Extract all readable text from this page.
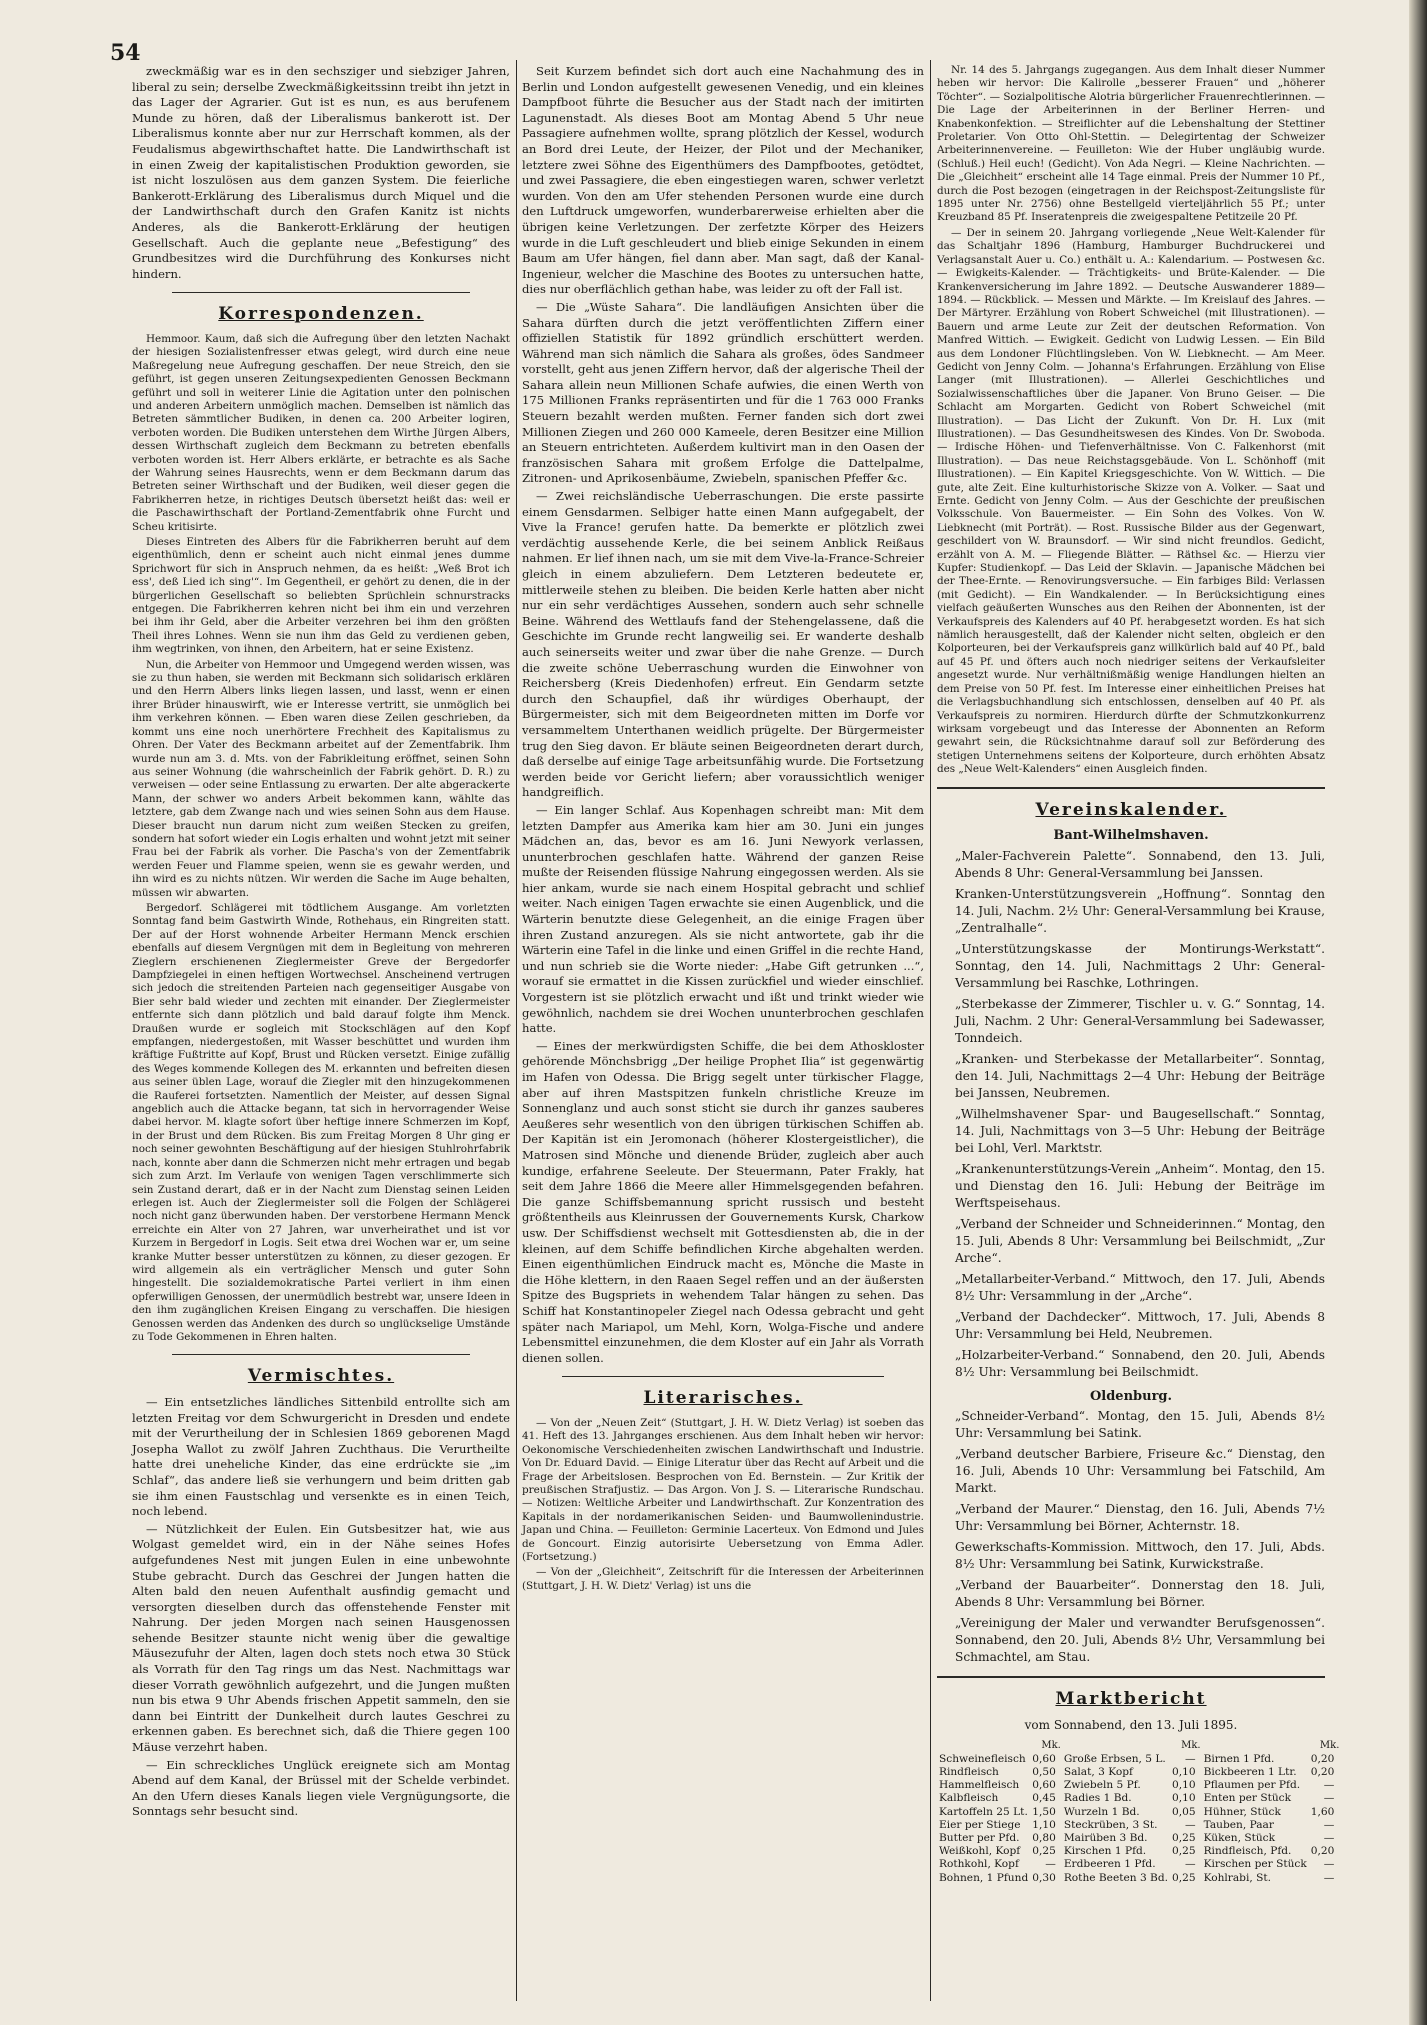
54

zweckmäßig war es in den sechsziger und siebziger Jahren, liberal zu sein; derselbe Zweckmäßigkeitssinn treibt ihn jetzt in das Lager der Agrarier. Gut ist es nun, es aus berufenem Munde zu hören, daß der Liberalismus bankerott ist. Der Liberalismus konnte aber nur zur Herrschaft kommen, als der Feudalismus abgewirthschaftet hatte. Die Landwirthschaft ist in einen Zweig der kapitalistischen Produktion geworden, sie ist nicht loszulösen aus dem ganzen System. Die feierliche Bankerott-Erklärung des Liberalismus durch Miquel und die der Landwirthschaft durch den Grafen Kanitz ist nichts Anderes, als die Bankerott-Erklärung der heutigen Gesellschaft. Auch die geplante neue „Befestigung“ des Grundbesitzes wird die Durchführung des Konkurses nicht hindern.

Korrespondenzen.

Hemmoor. Kaum, daß sich die Aufregung über den letzten Nachakt der hiesigen Sozialistenfresser etwas gelegt, wird durch eine neue Maßregelung neue Aufregung geschaffen. Der neue Streich, den sie geführt, ist gegen unseren Zeitungsexpedienten Genossen Beckmann geführt und soll in weiterer Linie die Agitation unter den polnischen und anderen Arbeitern unmöglich machen. Demselben ist nämlich das Betreten sämmtlicher Budiken, in denen ca. 200 Arbeiter logiren, verboten worden. Die Budiken unterstehen dem Wirthe Jürgen Albers, dessen Wirthschaft zugleich dem Beckmann zu betreten ebenfalls verboten worden ist. Herr Albers erklärte, er betrachte es als Sache der Wahrung seines Hausrechts, wenn er dem Beckmann darum das Betreten seiner Wirthschaft und der Budiken, weil dieser gegen die Fabrikherren hetze, in richtiges Deutsch übersetzt heißt das: weil er die Paschawirthschaft der Portland-Zementfabrik ohne Furcht und Scheu kritisirte.

Dieses Eintreten des Albers für die Fabrikherren beruht auf dem eigenthümlich, denn er scheint auch nicht einmal jenes dumme Sprichwort für sich in Anspruch nehmen, da es heißt: „Weß Brot ich ess', deß Lied ich sing'“. Im Gegentheil, er gehört zu denen, die in der bürgerlichen Gesellschaft so beliebten Sprüchlein schnurstracks entgegen. Die Fabrikherren kehren nicht bei ihm ein und verzehren bei ihm ihr Geld, aber die Arbeiter verzehren bei ihm den größten Theil ihres Lohnes. Wenn sie nun ihm das Geld zu verdienen geben, ihm wegtrinken, von ihnen, den Arbeitern, hat er seine Existenz.

Nun, die Arbeiter von Hemmoor und Umgegend werden wissen, was sie zu thun haben, sie werden mit Beckmann sich solidarisch erklären und den Herrn Albers links liegen lassen, und lasst, wenn er einen ihrer Brüder hinauswirft, wie er Interesse vertritt, sie unmöglich bei ihm verkehren können. — Eben waren diese Zeilen geschrieben, da kommt uns eine noch unerhörtere Frechheit des Kapitalismus zu Ohren. Der Vater des Beckmann arbeitet auf der Zementfabrik. Ihm wurde nun am 3. d. Mts. von der Fabrikleitung eröffnet, seinen Sohn aus seiner Wohnung (die wahrscheinlich der Fabrik gehört. D. R.) zu verweisen — oder seine Entlassung zu erwarten. Der alte abgerackerte Mann, der schwer wo anders Arbeit bekommen kann, wählte das letztere, gab dem Zwange nach und wies seinen Sohn aus dem Hause. Dieser braucht nun darum nicht zum weißen Stecken zu greifen, sondern hat sofort wieder ein Logis erhalten und wohnt jetzt mit seiner Frau bei der Fabrik als vorher. Die Pascha's von der Zementfabrik werden Feuer und Flamme speien, wenn sie es gewahr werden, und ihn wird es zu nichts nützen. Wir werden die Sache im Auge behalten, müssen wir abwarten.

Bergedorf. Schlägerei mit tödtlichem Ausgange. Am vorletzten Sonntag fand beim Gastwirth Winde, Rothehaus, ein Ringreiten statt. Der auf der Horst wohnende Arbeiter Hermann Menck erschien ebenfalls auf diesem Vergnügen mit dem in Begleitung von mehreren Zieglern erschienenen Zieglermeister Greve der Bergedorfer Dampfziegelei in einen heftigen Wortwechsel. Anscheinend vertrugen sich jedoch die streitenden Parteien nach gegenseitiger Ausgabe von Bier sehr bald wieder und zechten mit einander. Der Zieglermeister entfernte sich dann plötzlich und bald darauf folgte ihm Menck. Draußen wurde er sogleich mit Stockschlägen auf den Kopf empfangen, niedergestoßen, mit Wasser beschüttet und wurden ihm kräftige Fußtritte auf Kopf, Brust und Rücken versetzt. Einige zufällig des Weges kommende Kollegen des M. erkannten und befreiten diesen aus seiner üblen Lage, worauf die Ziegler mit den hinzugekommenen die Rauferei fortsetzten. Namentlich der Meister, auf dessen Signal angeblich auch die Attacke begann, tat sich in hervorragender Weise dabei hervor. M. klagte sofort über heftige innere Schmerzen im Kopf, in der Brust und dem Rücken. Bis zum Freitag Morgen 8 Uhr ging er noch seiner gewohnten Beschäftigung auf der hiesigen Stuhlrohrfabrik nach, konnte aber dann die Schmerzen nicht mehr ertragen und begab sich zum Arzt. Im Verlaufe von wenigen Tagen verschlimmerte sich sein Zustand derart, daß er in der Nacht zum Dienstag seinen Leiden erlegen ist. Auch der Zieglermeister soll die Folgen der Schlägerei noch nicht ganz überwunden haben. Der verstorbene Hermann Menck erreichte ein Alter von 27 Jahren, war unverheirathet und ist vor Kurzem in Bergedorf in Logis. Seit etwa drei Wochen war er, um seine kranke Mutter besser unterstützen zu können, zu dieser gezogen. Er wird allgemein als ein verträglicher Mensch und guter Sohn hingestellt. Die sozialdemokratische Partei verliert in ihm einen opferwilligen Genossen, der unermüdlich bestrebt war, unsere Ideen in den ihm zugänglichen Kreisen Eingang zu verschaffen. Die hiesigen Genossen werden das Andenken des durch so unglückselige Umstände zu Tode Gekommenen in Ehren halten.

Vermischtes.

— Ein entsetzliches ländliches Sittenbild entrollte sich am letzten Freitag vor dem Schwurgericht in Dresden und endete mit der Verurtheilung der in Schlesien 1869 geborenen Magd Josepha Wallot zu zwölf Jahren Zuchthaus. Die Verurtheilte hatte drei uneheliche Kinder, das eine erdrückte sie „im Schlaf“, das andere ließ sie verhungern und beim dritten gab sie ihm einen Faustschlag und versenkte es in einen Teich, noch lebend.

— Nützlichkeit der Eulen. Ein Gutsbesitzer hat, wie aus Wolgast gemeldet wird, ein in der Nähe seines Hofes aufgefundenes Nest mit jungen Eulen in eine unbewohnte Stube gebracht. Durch das Geschrei der Jungen hatten die Alten bald den neuen Aufenthalt ausfindig gemacht und versorgten dieselben durch das offenstehende Fenster mit Nahrung. Der jeden Morgen nach seinen Hausgenossen sehende Besitzer staunte nicht wenig über die gewaltige Mäusezufuhr der Alten, lagen doch stets noch etwa 30 Stück als Vorrath für den Tag rings um das Nest. Nachmittags war dieser Vorrath gewöhnlich aufgezehrt, und die Jungen mußten nun bis etwa 9 Uhr Abends frischen Appetit sammeln, den sie dann bei Eintritt der Dunkelheit durch lautes Geschrei zu erkennen gaben. Es berechnet sich, daß die Thiere gegen 100 Mäuse verzehrt haben.

— Ein schreckliches Unglück ereignete sich am Montag Abend auf dem Kanal, der Brüssel mit der Schelde verbindet. An den Ufern dieses Kanals liegen viele Vergnügungsorte, die Sonntags sehr besucht sind.

Seit Kurzem befindet sich dort auch eine Nachahmung des in Berlin und London aufgestellt gewesenen Venedig, und ein kleines Dampfboot führte die Besucher aus der Stadt nach der imitirten Lagunenstadt. Als dieses Boot am Montag Abend 5 Uhr neue Passagiere aufnehmen wollte, sprang plötzlich der Kessel, wodurch an Bord drei Leute, der Heizer, der Pilot und der Mechaniker, letztere zwei Söhne des Eigenthümers des Dampfbootes, getödtet, und zwei Passagiere, die eben eingestiegen waren, schwer verletzt wurden. Von den am Ufer stehenden Personen wurde eine durch den Luftdruck umgeworfen, wunderbarerweise erhielten aber die übrigen keine Verletzungen. Der zerfetzte Körper des Heizers wurde in die Luft geschleudert und blieb einige Sekunden in einem Baum am Ufer hängen, fiel dann aber. Man sagt, daß der Kanal-Ingenieur, welcher die Maschine des Bootes zu untersuchen hatte, dies nur oberflächlich gethan habe, was leider zu oft der Fall ist.

— Die „Wüste Sahara“. Die landläufigen Ansichten über die Sahara dürften durch die jetzt veröffentlichten Ziffern einer offiziellen Statistik für 1892 gründlich erschüttert werden. Während man sich nämlich die Sahara als großes, ödes Sandmeer vorstellt, geht aus jenen Ziffern hervor, daß der algerische Theil der Sahara allein neun Millionen Schafe aufwies, die einen Werth von 175 Millionen Franks repräsentirten und für die 1 763 000 Franks Steuern bezahlt werden mußten. Ferner fanden sich dort zwei Millionen Ziegen und 260 000 Kameele, deren Besitzer eine Million an Steuern entrichteten. Außerdem kultivirt man in den Oasen der französischen Sahara mit großem Erfolge die Dattelpalme, Zitronen- und Aprikosenbäume, Zwiebeln, spanischen Pfeffer &c.

— Zwei reichsländische Ueberraschungen. Die erste passirte einem Gensdarmen. Selbiger hatte einen Mann aufgegabelt, der Vive la France! gerufen hatte. Da bemerkte er plötzlich zwei verdächtig aussehende Kerle, die bei seinem Anblick Reißaus nahmen. Er lief ihnen nach, um sie mit dem Vive-la-France-Schreier gleich in einem abzuliefern. Dem Letzteren bedeutete er, mittlerweile stehen zu bleiben. Die beiden Kerle hatten aber nicht nur ein sehr verdächtiges Aussehen, sondern auch sehr schnelle Beine. Während des Wettlaufs fand der Stehengelassene, daß die Geschichte im Grunde recht langweilig sei. Er wanderte deshalb auch seinerseits weiter und zwar über die nahe Grenze. — Durch die zweite schöne Ueberraschung wurden die Einwohner von Reichersberg (Kreis Diedenhofen) erfreut. Ein Gendarm setzte durch den Schaupfiel, daß ihr würdiges Oberhaupt, der Bürgermeister, sich mit dem Beigeordneten mitten im Dorfe vor versammeltem Unterthanen weidlich prügelte. Der Bürgermeister trug den Sieg davon. Er bläute seinen Beigeordneten derart durch, daß derselbe auf einige Tage arbeitsunfähig wurde. Die Fortsetzung werden beide vor Gericht liefern; aber voraussichtlich weniger handgreiflich.

— Ein langer Schlaf. Aus Kopenhagen schreibt man: Mit dem letzten Dampfer aus Amerika kam hier am 30. Juni ein junges Mädchen an, das, bevor es am 16. Juni Newyork verlassen, ununterbrochen geschlafen hatte. Während der ganzen Reise mußte der Reisenden flüssige Nahrung eingegossen werden. Als sie hier ankam, wurde sie nach einem Hospital gebracht und schlief weiter. Nach einigen Tagen erwachte sie einen Augenblick, und die Wärterin benutzte diese Gelegenheit, an die einige Fragen über ihren Zustand anzuregen. Als sie nicht antwortete, gab ihr die Wärterin eine Tafel in die linke und einen Griffel in die rechte Hand, und nun schrieb sie die Worte nieder: „Habe Gift getrunken ...“, worauf sie ermattet in die Kissen zurückfiel und wieder einschlief. Vorgestern ist sie plötzlich erwacht und ißt und trinkt wieder wie gewöhnlich, nachdem sie drei Wochen ununterbrochen geschlafen hatte.

— Eines der merkwürdigsten Schiffe, die bei dem Athoskloster gehörende Mönchsbrigg „Der heilige Prophet Ilia“ ist gegenwärtig im Hafen von Odessa. Die Brigg segelt unter türkischer Flagge, aber auf ihren Mastspitzen funkeln christliche Kreuze im Sonnenglanz und auch sonst sticht sie durch ihr ganzes sauberes Aeußeres sehr wesentlich von den übrigen türkischen Schiffen ab. Der Kapitän ist ein Jeromonach (höherer Klostergeistlicher), die Matrosen sind Mönche und dienende Brüder, zugleich aber auch kundige, erfahrene Seeleute. Der Steuermann, Pater Frakly, hat seit dem Jahre 1866 die Meere aller Himmelsgegenden befahren. Die ganze Schiffsbemannung spricht russisch und besteht größtentheils aus Kleinrussen der Gouvernements Kursk, Charkow usw. Der Schiffsdienst wechselt mit Gottesdiensten ab, die in der kleinen, auf dem Schiffe befindlichen Kirche abgehalten werden. Einen eigenthümlichen Eindruck macht es, Mönche die Maste in die Höhe klettern, in den Raaen Segel reffen und an der äußersten Spitze des Bugspriets in wehendem Talar hängen zu sehen. Das Schiff hat Konstantinopeler Ziegel nach Odessa gebracht und geht später nach Mariapol, um Mehl, Korn, Wolga-Fische und andere Lebensmittel einzunehmen, die dem Kloster auf ein Jahr als Vorrath dienen sollen.

Literarisches.

— Von der „Neuen Zeit“ (Stuttgart, J. H. W. Dietz Verlag) ist soeben das 41. Heft des 13. Jahrganges erschienen. Aus dem Inhalt heben wir hervor: Oekonomische Verschiedenheiten zwischen Landwirthschaft und Industrie. Von Dr. Eduard David. — Einige Literatur über das Recht auf Arbeit und die Frage der Arbeitslosen. Besprochen von Ed. Bernstein. — Zur Kritik der preußischen Strafjustiz. — Das Argon. Von J. S. — Literarische Rundschau. — Notizen: Weltliche Arbeiter und Landwirthschaft. Zur Konzentration des Kapitals in der nordamerikanischen Seiden- und Baumwollenindustrie. Japan und China. — Feuilleton: Germinie Lacerteux. Von Edmond und Jules de Goncourt. Einzig autorisirte Uebersetzung von Emma Adler. (Fortsetzung.)

— Von der „Gleichheit“, Zeitschrift für die Interessen der Arbeiterinnen (Stuttgart, J. H. W. Dietz' Verlag) ist uns die

Nr. 14 des 5. Jahrgangs zugegangen. Aus dem Inhalt dieser Nummer heben wir hervor: Die Kalirolle „besserer Frauen“ und „höherer Töchter“. — Sozialpolitische Alotria bürgerlicher Frauenrechtlerinnen. — Die Lage der Arbeiterinnen in der Berliner Herren- und Knabenkonfektion. — Streiflichter auf die Lebenshaltung der Stettiner Proletarier. Von Otto Ohl-Stettin. — Delegirtentag der Schweizer Arbeiterinnenvereine. — Feuilleton: Wie der Huber ungläubig wurde. (Schluß.) Heil euch! (Gedicht). Von Ada Negri. — Kleine Nachrichten. — Die „Gleichheit“ erscheint alle 14 Tage einmal. Preis der Nummer 10 Pf., durch die Post bezogen (eingetragen in der Reichspost-Zeitungsliste für 1895 unter Nr. 2756) ohne Bestellgeld vierteljährlich 55 Pf.; unter Kreuzband 85 Pf. Inseratenpreis die zweigespaltene Petitzeile 20 Pf.

— Der in seinem 20. Jahrgang vorliegende „Neue Welt-Kalender für das Schaltjahr 1896 (Hamburg, Hamburger Buchdruckerei und Verlagsanstalt Auer u. Co.) enthält u. A.: Kalendarium. — Postwesen &c. — Ewigkeits-Kalender. — Trächtigkeits- und Brüte-Kalender. — Die Krankenversicherung im Jahre 1892. — Deutsche Auswanderer 1889—1894. — Rückblick. — Messen und Märkte. — Im Kreislauf des Jahres. — Der Märtyrer. Erzählung von Robert Schweichel (mit Illustrationen). — Bauern und arme Leute zur Zeit der deutschen Reformation. Von Manfred Wittich. — Ewigkeit. Gedicht von Ludwig Lessen. — Ein Bild aus dem Londoner Flüchtlingsleben. Von W. Liebknecht. — Am Meer. Gedicht von Jenny Colm. — Johanna's Erfahrungen. Erzählung von Elise Langer (mit Illustrationen). — Allerlei Geschichtliches und Sozialwissenschaftliches über die Japaner. Von Bruno Geiser. — Die Schlacht am Morgarten. Gedicht von Robert Schweichel (mit Illustration). — Das Licht der Zukunft. Von Dr. H. Lux (mit Illustrationen). — Das Gesundheitswesen des Kindes. Von Dr. Swoboda. — Irdische Höhen- und Tiefenverhältnisse. Von C. Falkenhorst (mit Illustration). — Das neue Reichstagsgebäude. Von L. Schönhoff (mit Illustrationen). — Ein Kapitel Kriegsgeschichte. Von W. Wittich. — Die gute, alte Zeit. Eine kulturhistorische Skizze von A. Volker. — Saat und Ernte. Gedicht von Jenny Colm. — Aus der Geschichte der preußischen Volksschule. Von Bauermeister. — Ein Sohn des Volkes. Von W. Liebknecht (mit Porträt). — Rost. Russische Bilder aus der Gegenwart, geschildert von W. Braunsdorf. — Wir sind nicht freundlos. Gedicht, erzählt von A. M. — Fliegende Blätter. — Räthsel &c. — Hierzu vier Kupfer: Studienkopf. — Das Leid der Sklavin. — Japanische Mädchen bei der Thee-Ernte. — Renovirungsversuche. — Ein farbiges Bild: Verlassen (mit Gedicht). — Ein Wandkalender. — In Berücksichtigung eines vielfach geäußerten Wunsches aus den Reihen der Abonnenten, ist der Verkaufspreis des Kalenders auf 40 Pf. herabgesetzt worden. Es hat sich nämlich herausgestellt, daß der Kalender nicht selten, obgleich er den Kolporteuren, bei der Verkaufspreis ganz willkürlich bald auf 40 Pf., bald auf 45 Pf. und öfters auch noch niedriger seitens der Verkaufsleiter angesetzt wurde. Nur verhältnißmäßig wenige Handlungen hielten an dem Preise von 50 Pf. fest. Im Interesse einer einheitlichen Preises hat die Verlagsbuchhandlung sich entschlossen, denselben auf 40 Pf. als Verkaufspreis zu normiren. Hierdurch dürfte der Schmutzkonkurrenz wirksam vorgebeugt und das Interesse der Abonnenten an Reform gewahrt sein, die Rücksichtnahme darauf soll zur Beförderung des stetigen Unternehmens seitens der Kolporteure, durch erhöhten Absatz des „Neue Welt-Kalenders“ einen Ausgleich finden.

Vereinskalender.
Bant-Wilhelmshaven.

„Maler-Fachverein Palette“. Sonnabend, den 13. Juli, Abends 8 Uhr: General-Versammlung bei Janssen.

Kranken-Unterstützungsverein „Hoffnung“. Sonntag den 14. Juli, Nachm. 2½ Uhr: General-Versammlung bei Krause, „Zentralhalle“.

„Unterstützungskasse der Montirungs-Werkstatt“. Sonntag, den 14. Juli, Nachmittags 2 Uhr: General-Versammlung bei Raschke, Lothringen.

„Sterbekasse der Zimmerer, Tischler u. v. G.“ Sonntag, 14. Juli, Nachm. 2 Uhr: General-Versammlung bei Sadewasser, Tonndeich.

„Kranken- und Sterbekasse der Metallarbeiter“. Sonntag, den 14. Juli, Nachmittags 2—4 Uhr: Hebung der Beiträge bei Janssen, Neubremen.

„Wilhelmshavener Spar- und Baugesellschaft.“ Sonntag, 14. Juli, Nachmittags von 3—5 Uhr: Hebung der Beiträge bei Lohl, Verl. Marktstr.

„Krankenunterstützungs-Verein „Anheim“. Montag, den 15. und Dienstag den 16. Juli: Hebung der Beiträge im Werftspeisehaus.

„Verband der Schneider und Schneiderinnen.“ Montag, den 15. Juli, Abends 8 Uhr: Versammlung bei Beilschmidt, „Zur Arche“.

„Metallarbeiter-Verband.“ Mittwoch, den 17. Juli, Abends 8½ Uhr: Versammlung in der „Arche“.

„Verband der Dachdecker“. Mittwoch, 17. Juli, Abends 8 Uhr: Versammlung bei Held, Neubremen.

„Holzarbeiter-Verband.“ Sonnabend, den 20. Juli, Abends 8½ Uhr: Versammlung bei Beilschmidt.

Oldenburg.

„Schneider-Verband“. Montag, den 15. Juli, Abends 8½ Uhr: Versammlung bei Satink.

„Verband deutscher Barbiere, Friseure &c.“ Dienstag, den 16. Juli, Abends 10 Uhr: Versammlung bei Fatschild, Am Markt.

„Verband der Maurer.“ Dienstag, den 16. Juli, Abends 7½ Uhr: Versammlung bei Börner, Achternstr. 18.

Gewerkschafts-Kommission. Mittwoch, den 17. Juli, Abds. 8½ Uhr: Versammlung bei Satink, Kurwickstraße.

„Verband der Bauarbeiter“. Donnerstag den 18. Juli, Abends 8 Uhr: Versammlung bei Börner.

„Vereinigung der Maler und verwandter Berufsgenossen“. Sonnabend, den 20. Juli, Abends 8½ Uhr, Versammlung bei Schmachtel, am Stau.

Marktbericht
vom Sonnabend, den 13. Juli 1895.
	Mk.		Mk.		Mk.
Schweinefleisch	0,60	Große Erbsen, 5 L.	—	Birnen 1 Pfd.	0,20
Rindfleisch	0,50	Salat, 3 Kopf	0,10	Bickbeeren 1 Ltr.	0,20
Hammelfleisch	0,60	Zwiebeln 5 Pf.	0,10	Pflaumen per Pfd.	—
Kalbfleisch	0,45	Radies 1 Bd.	0,10	Enten per Stück	—
Kartoffeln 25 Lt.	1,50	Wurzeln 1 Bd.	0,05	Hühner, Stück	1,60
Eier per Stiege	1,10	Steckrüben, 3 St.	—	Tauben, Paar	—
Butter per Pfd.	0,80	Mairüben 3 Bd.	0,25	Küken, Stück	—
Weißkohl, Kopf	0,25	Kirschen 1 Pfd.	0,25	Rindfleisch, Pfd.	0,20
Rothkohl, Kopf	—	Erdbeeren 1 Pfd.	—	Kirschen per Stück	—
Bohnen, 1 Pfund	0,30	Rothe Beeten 3 Bd.	0,25	Kohlrabi, St.	—
